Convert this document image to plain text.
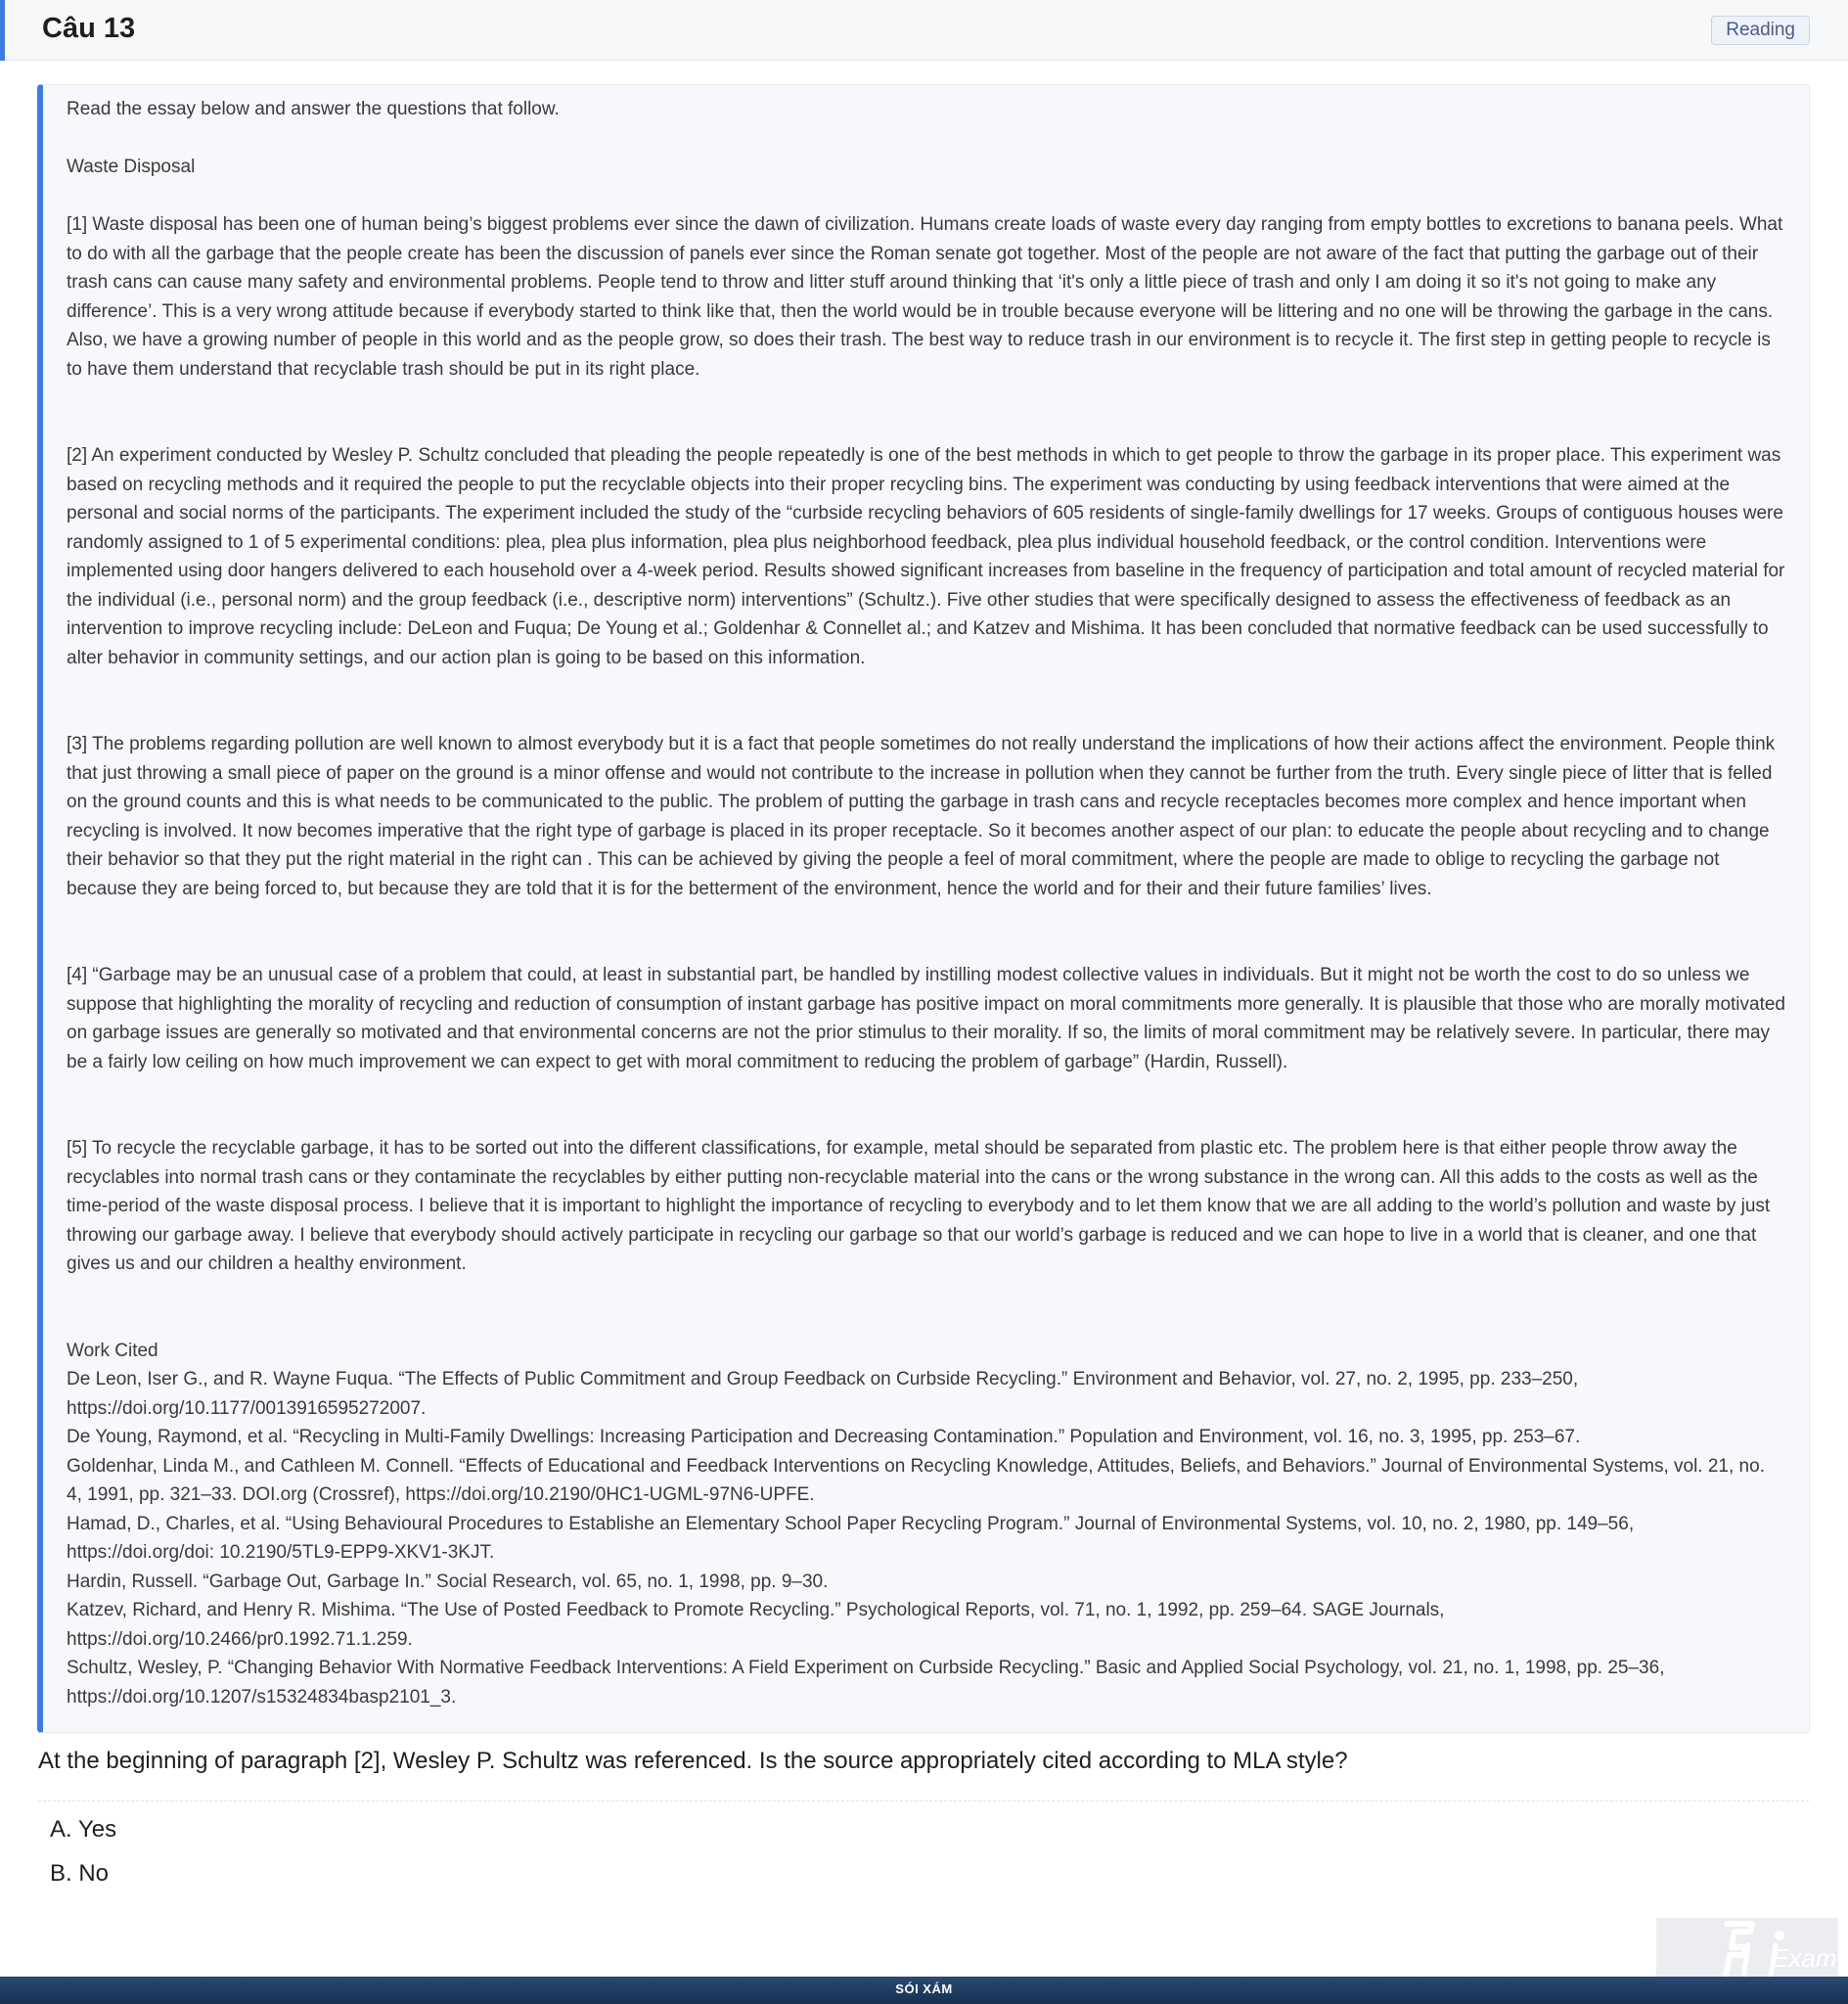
Câu 13	Reading

Read the essay below and answer the questions that follow.

Waste Disposal

[1] Waste disposal has been one of human being’s biggest problems ever since the dawn of civilization. Humans create loads of waste every day ranging from empty bottles to excretions to banana peels. What to do with all the garbage that the people create has been the discussion of panels ever since the Roman senate got together. Most of the people are not aware of the fact that putting the garbage out of their trash cans can cause many safety and environmental problems. People tend to throw and litter stuff around thinking that ‘it's only a little piece of trash and only I am doing it so it's not going to make any difference’. This is a very wrong attitude because if everybody started to think like that, then the world would be in trouble because everyone will be littering and no one will be throwing the garbage in the cans. Also, we have a growing number of people in this world and as the people grow, so does their trash. The best way to reduce trash in our environment is to recycle it. The first step in getting people to recycle is to have them understand that recyclable trash should be put in its right place.

[2] An experiment conducted by Wesley P. Schultz concluded that pleading the people repeatedly is one of the best methods in which to get people to throw the garbage in its proper place. This experiment was based on recycling methods and it required the people to put the recyclable objects into their proper recycling bins. The experiment was conducting by using feedback interventions that were aimed at the personal and social norms of the participants. The experiment included the study of the “curbside recycling behaviors of 605 residents of single-family dwellings for 17 weeks. Groups of contiguous houses were randomly assigned to 1 of 5 experimental conditions: plea, plea plus information, plea plus neighborhood feedback, plea plus individual household feedback, or the control condition. Interventions were implemented using door hangers delivered to each household over a 4-week period. Results showed significant increases from baseline in the frequency of participation and total amount of recycled material for the individual (i.e., personal norm) and the group feedback (i.e., descriptive norm) interventions” (Schultz.). Five other studies that were specifically designed to assess the effectiveness of feedback as an intervention to improve recycling include: DeLeon and Fuqua; De Young et al.; Goldenhar & Connellet al.; and Katzev and Mishima. It has been concluded that normative feedback can be used successfully to alter behavior in community settings, and our action plan is going to be based on this information.

[3] The problems regarding pollution are well known to almost everybody but it is a fact that people sometimes do not really understand the implications of how their actions affect the environment. People think that just throwing a small piece of paper on the ground is a minor offense and would not contribute to the increase in pollution when they cannot be further from the truth. Every single piece of litter that is felled on the ground counts and this is what needs to be communicated to the public. The problem of putting the garbage in trash cans and recycle receptacles becomes more complex and hence important when recycling is involved. It now becomes imperative that the right type of garbage is placed in its proper receptacle. So it becomes another aspect of our plan: to educate the people about recycling and to change their behavior so that they put the right material in the right can . This can be achieved by giving the people a feel of moral commitment, where the people are made to oblige to recycling the garbage not because they are being forced to, but because they are told that it is for the betterment of the environment, hence the world and for their and their future families’ lives.

[4] “Garbage may be an unusual case of a problem that could, at least in substantial part, be handled by instilling modest collective values in individuals. But it might not be worth the cost to do so unless we suppose that highlighting the morality of recycling and reduction of consumption of instant garbage has positive impact on moral commitments more generally. It is plausible that those who are morally motivated on garbage issues are generally so motivated and that environmental concerns are not the prior stimulus to their morality. If so, the limits of moral commitment may be relatively severe. In particular, there may be a fairly low ceiling on how much improvement we can expect to get with moral commitment to reducing the problem of garbage” (Hardin, Russell).

[5] To recycle the recyclable garbage, it has to be sorted out into the different classifications, for example, metal should be separated from plastic etc. The problem here is that either people throw away the recyclables into normal trash cans or they contaminate the recyclables by either putting non-recyclable material into the cans or the wrong substance in the wrong can. All this adds to the costs as well as the time-period of the waste disposal process. I believe that it is important to highlight the importance of recycling to everybody and to let them know that we are all adding to the world’s pollution and waste by just throwing our garbage away. I believe that everybody should actively participate in recycling our garbage so that our world’s garbage is reduced and we can hope to live in a world that is cleaner, and one that gives us and our children a healthy environment.

Work Cited

De Leon, Iser G., and R. Wayne Fuqua. “The Effects of Public Commitment and Group Feedback on Curbside Recycling.” Environment and Behavior, vol. 27, no. 2, 1995, pp. 233–250, https://doi.org/10.1177/0013916595272007.

De Young, Raymond, et al. “Recycling in Multi-Family Dwellings: Increasing Participation and Decreasing Contamination.” Population and Environment, vol. 16, no. 3, 1995, pp. 253–67.

Goldenhar, Linda M., and Cathleen M. Connell. “Effects of Educational and Feedback Interventions on Recycling Knowledge, Attitudes, Beliefs, and Behaviors.” Journal of Environmental Systems, vol. 21, no. 4, 1991, pp. 321–33. DOI.org (Crossref), https://doi.org/10.2190/0HC1-UGML-97N6-UPFE.

Hamad, D., Charles, et al. “Using Behavioural Procedures to Establishe an Elementary School Paper Recycling Program.” Journal of Environmental Systems, vol. 10, no. 2, 1980, pp. 149–56, https://doi.org/doi: 10.2190/5TL9-EPP9-XKV1-3KJT.

Hardin, Russell. “Garbage Out, Garbage In.” Social Research, vol. 65, no. 1, 1998, pp. 9–30.

Katzev, Richard, and Henry R. Mishima. “The Use of Posted Feedback to Promote Recycling.” Psychological Reports, vol. 71, no. 1, 1992, pp. 259–64. SAGE Journals, https://doi.org/10.2466/pr0.1992.71.1.259.

Schultz, Wesley, P. “Changing Behavior With Normative Feedback Interventions: A Field Experiment on Curbside Recycling.” Basic and Applied Social Psychology, vol. 21, no. 1, 1998, pp. 25–36, https://doi.org/10.1207/s15324834basp2101_3.

At the beginning of paragraph [2], Wesley P. Schultz was referenced. Is the source appropriately cited according to MLA style?
A. Yes
B. No
Exam
SÓI XÁM
